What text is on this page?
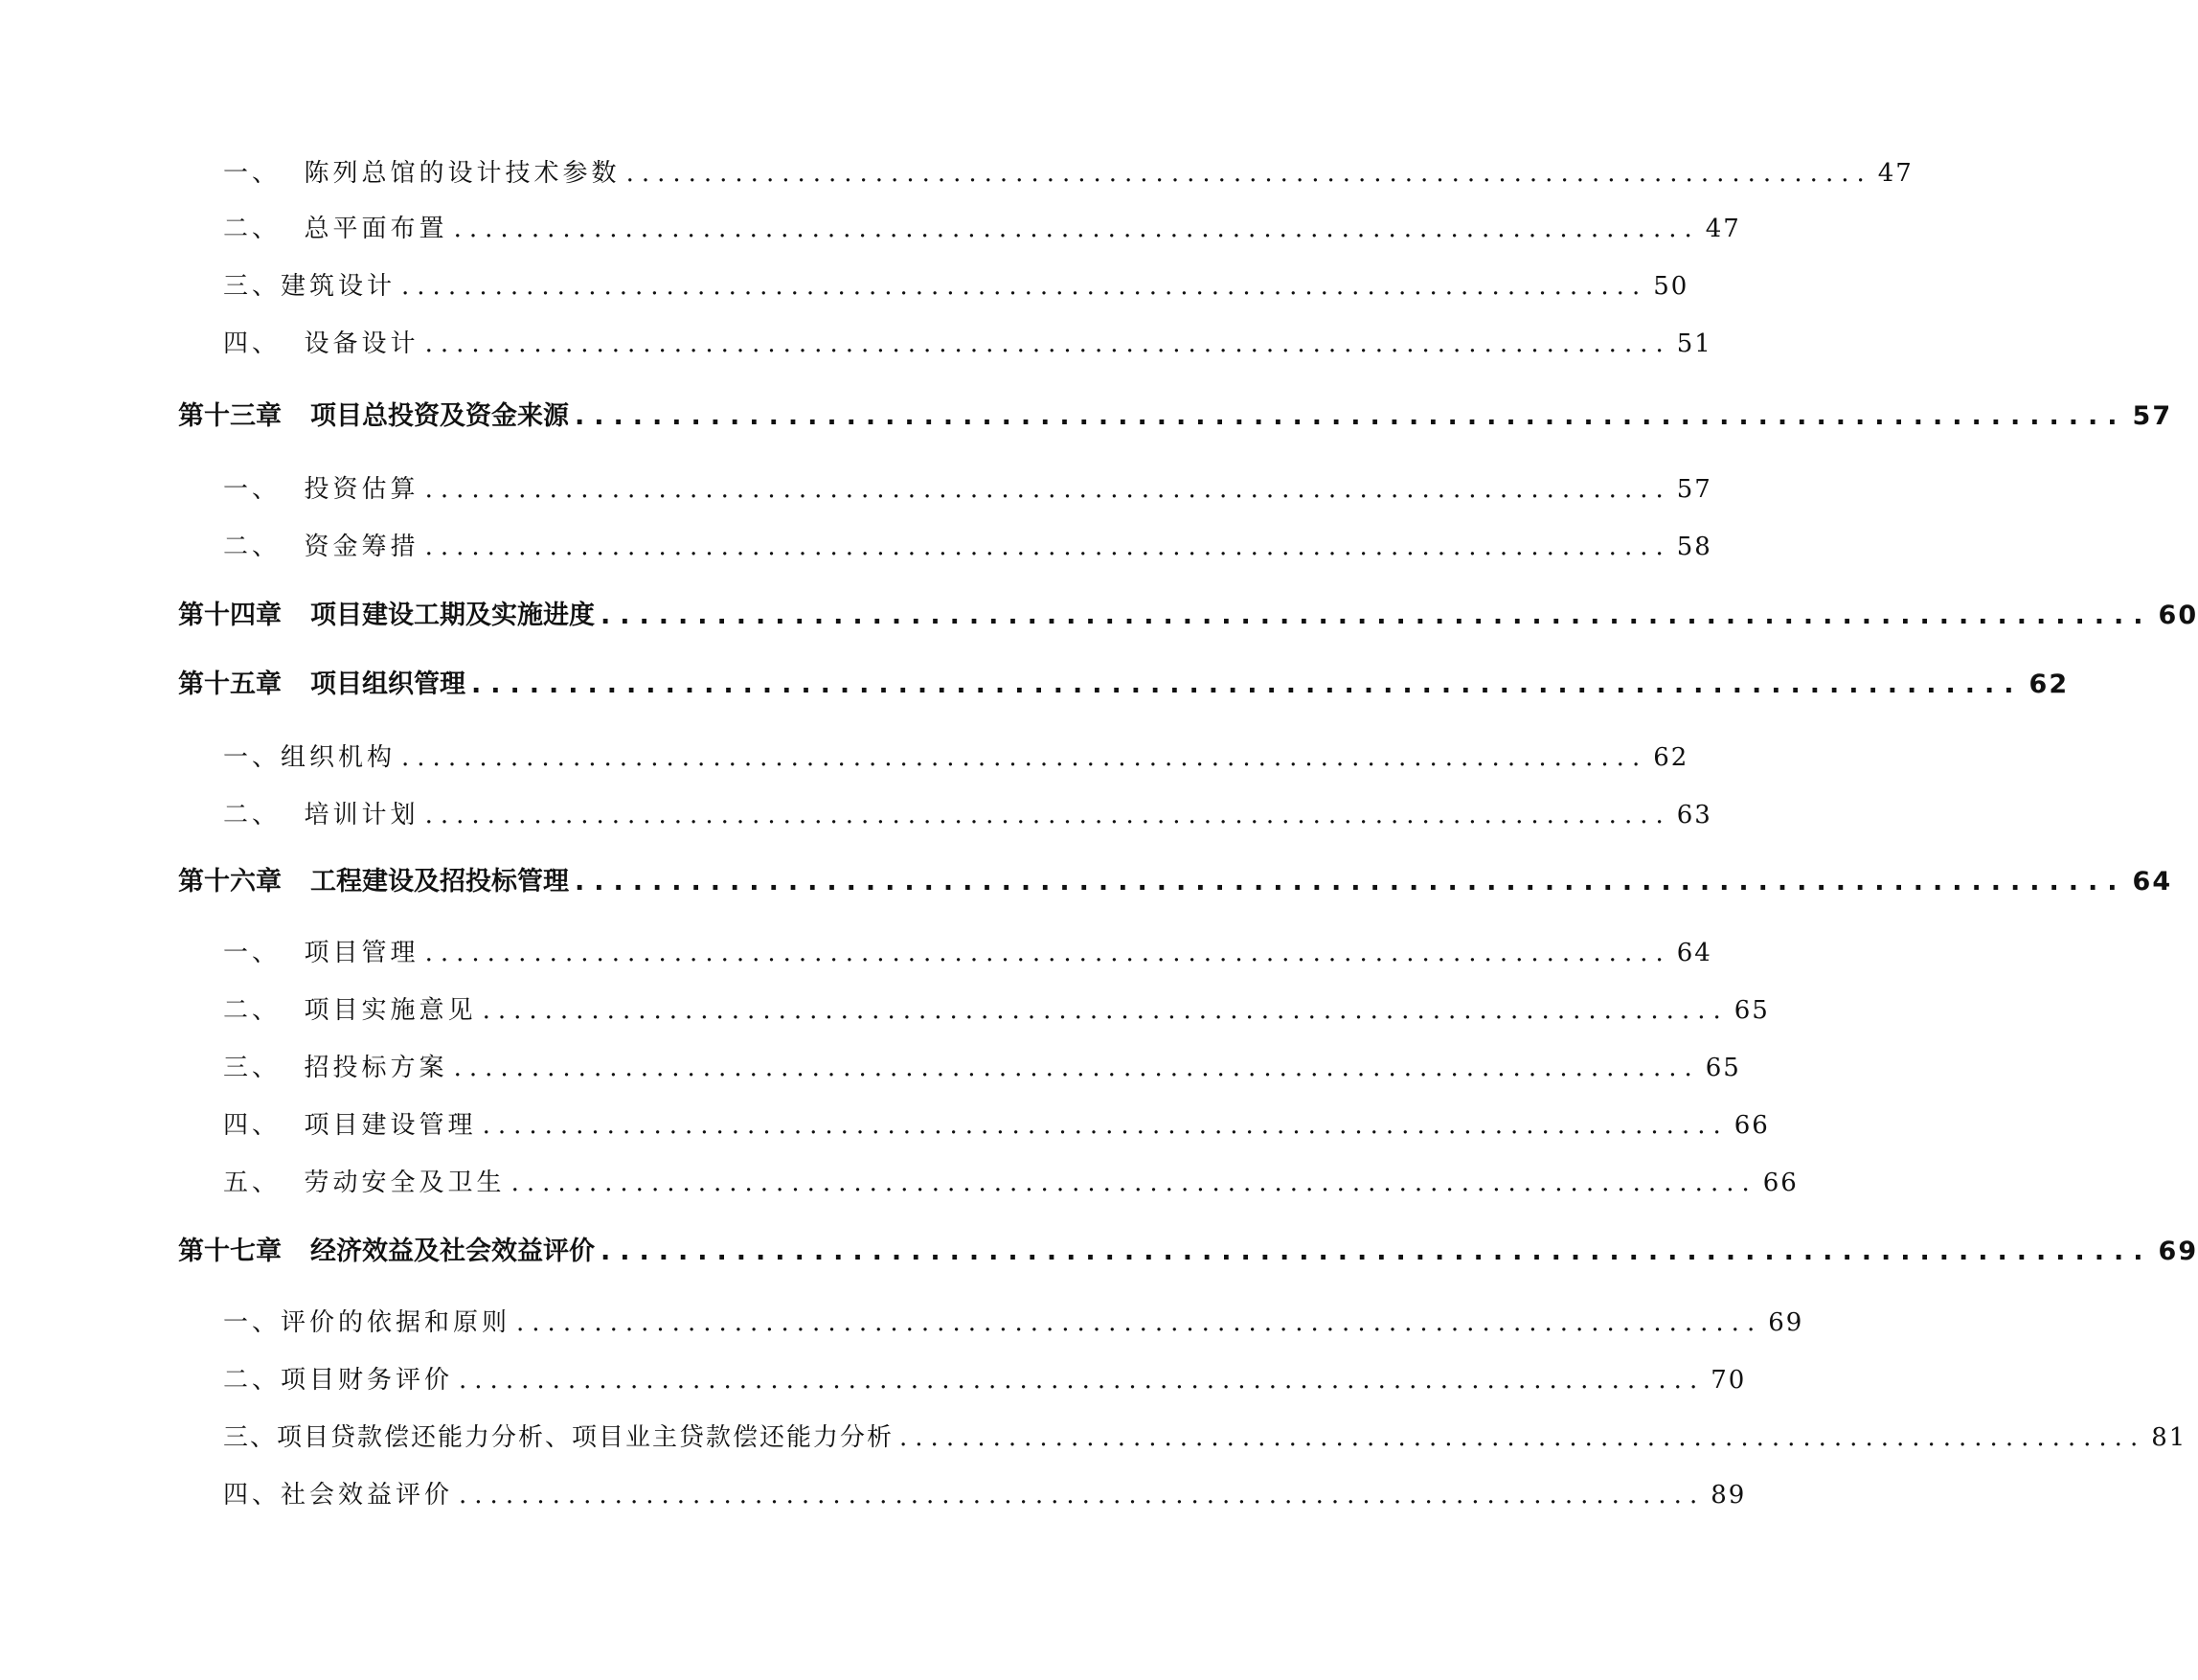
一、
陈列总馆的设计技术参数 ................................................................................ 47
二、
总平面布置 ................................................................................ 47
三、 建筑设计 ................................................................................ 50
四、
设备设计 ................................................................................ 51
第十三章 项目总投资及资金来源 ................................................................................ 57
一、
投资估算 ................................................................................ 57
二、
资金筹措 ................................................................................ 58
第十四章 项目建设工期及实施进度 ................................................................................ 60
第十五章 项目组织管理 ................................................................................ 62
一、 组织机构 ................................................................................ 62
二、
培训计划 ................................................................................ 63
第十六章 工程建设及招投标管理 ................................................................................ 64
一、
项目管理 ................................................................................ 64
二、
项目实施意见 ................................................................................ 65
三、
招投标方案 ................................................................................ 65
四、
项目建设管理 ................................................................................ 66
五、
劳动安全及卫生 ................................................................................ 66
第十七章 经济效益及社会效益评价 ................................................................................ 69
一、 评价的依据和原则 ................................................................................ 69
二、 项目财务评价 ................................................................................ 70
三、 项目贷款偿还能力分析、项目业主贷款偿还能力分析 ................................................................................ 81
四、 社会效益评价 ................................................................................ 89
